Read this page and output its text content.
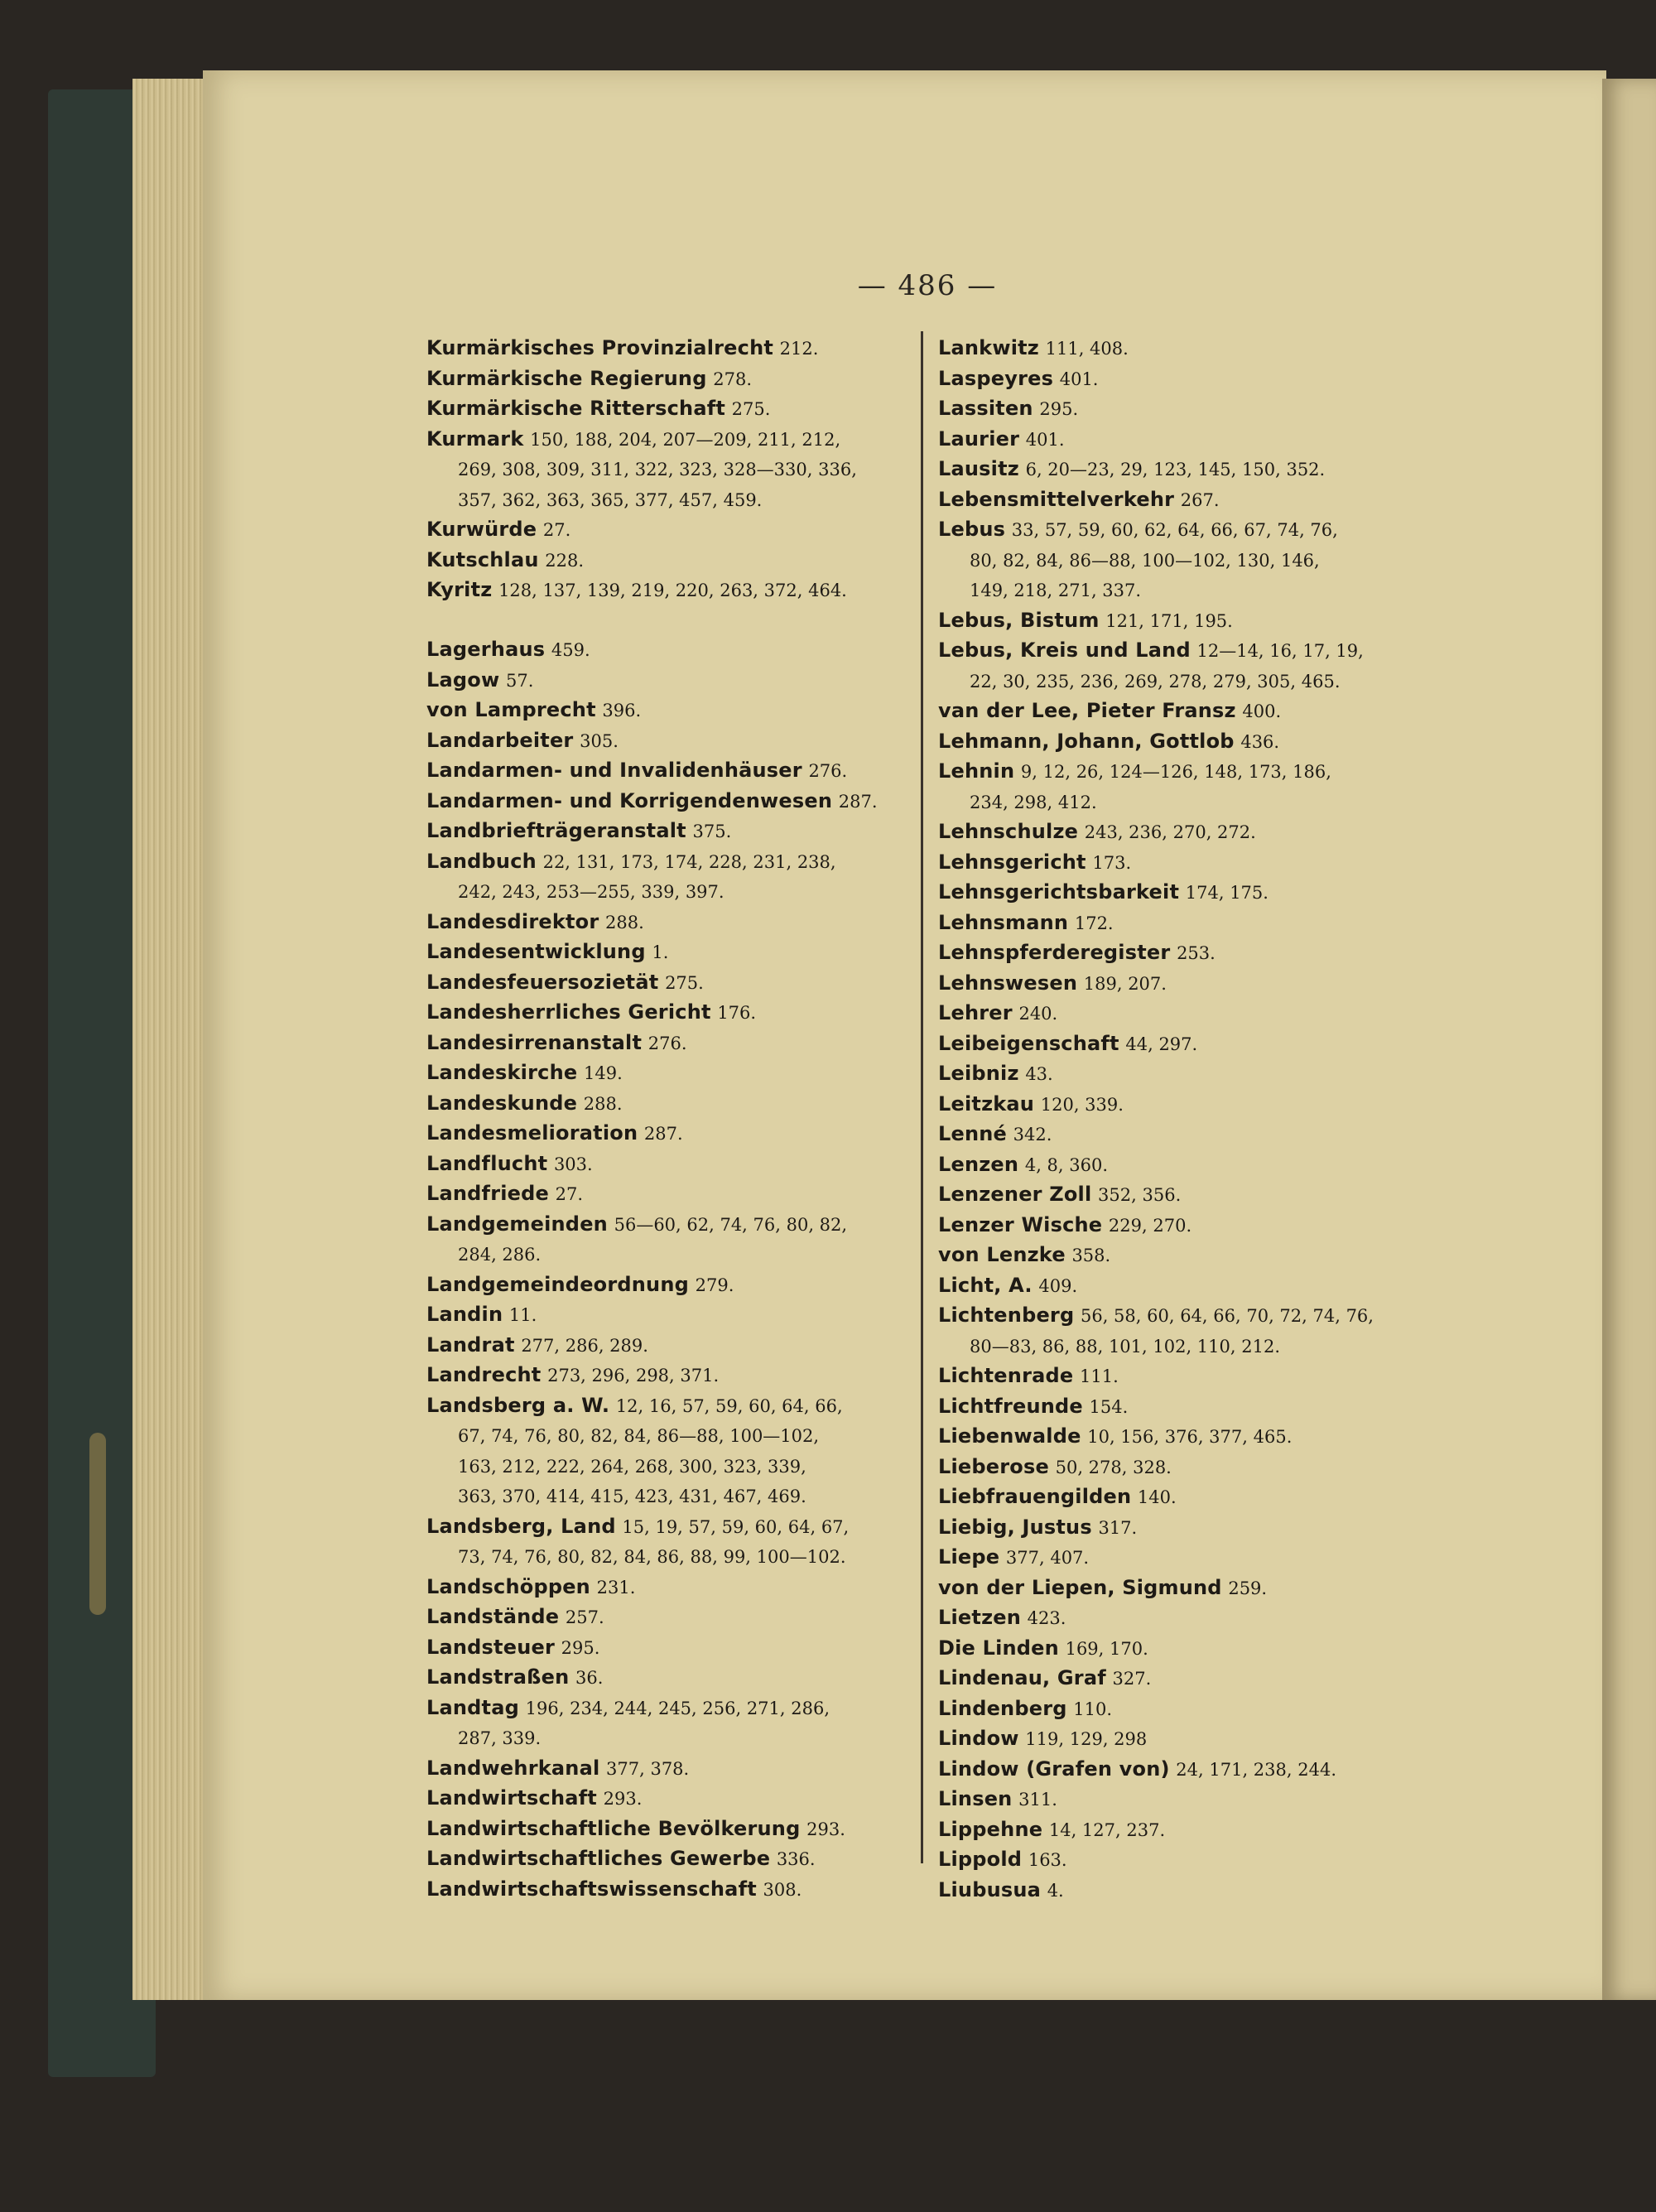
— 486 —
Kurmärkisches Provinzialrecht 212.
Kurmärkische Regierung 278.
Kurmärkische Ritterschaft 275.
Kurmark 150, 188, 204, 207—209, 211, 212,
269, 308, 309, 311, 322, 323, 328—330, 336,
357, 362, 363, 365, 377, 457, 459.
Kurwürde 27.
Kutschlau 228.
Kyritz 128, 137, 139, 219, 220, 263, 372, 464.
Lagerhaus 459.
Lagow 57.
von Lamprecht 396.
Landarbeiter 305.
Landarmen- und Invalidenhäuser 276.
Landarmen- und Korrigendenwesen 287.
Landbriefträgeranstalt 375.
Landbuch 22, 131, 173, 174, 228, 231, 238,
242, 243, 253—255, 339, 397.
Landesdirektor 288.
Landesentwicklung 1.
Landesfeuersozietät 275.
Landesherrliches Gericht 176.
Landesirrenanstalt 276.
Landeskirche 149.
Landeskunde 288.
Landesmelioration 287.
Landflucht 303.
Landfriede 27.
Landgemeinden 56—60, 62, 74, 76, 80, 82,
284, 286.
Landgemeindeordnung 279.
Landin 11.
Landrat 277, 286, 289.
Landrecht 273, 296, 298, 371.
Landsberg a. W. 12, 16, 57, 59, 60, 64, 66,
67, 74, 76, 80, 82, 84, 86—88, 100—102,
163, 212, 222, 264, 268, 300, 323, 339,
363, 370, 414, 415, 423, 431, 467, 469.
Landsberg, Land 15, 19, 57, 59, 60, 64, 67,
73, 74, 76, 80, 82, 84, 86, 88, 99, 100—102.
Landschöppen 231.
Landstände 257.
Landsteuer 295.
Landstraßen 36.
Landtag 196, 234, 244, 245, 256, 271, 286,
287, 339.
Landwehrkanal 377, 378.
Landwirtschaft 293.
Landwirtschaftliche Bevölkerung 293.
Landwirtschaftliches Gewerbe 336.
Landwirtschaftswissenschaft 308.
Lankwitz 111, 408.
Laspeyres 401.
Lassiten 295.
Laurier 401.
Lausitz 6, 20—23, 29, 123, 145, 150, 352.
Lebensmittelverkehr 267.
Lebus 33, 57, 59, 60, 62, 64, 66, 67, 74, 76,
80, 82, 84, 86—88, 100—102, 130, 146,
149, 218, 271, 337.
Lebus, Bistum 121, 171, 195.
Lebus, Kreis und Land 12—14, 16, 17, 19,
22, 30, 235, 236, 269, 278, 279, 305, 465.
van der Lee, Pieter Fransz 400.
Lehmann, Johann, Gottlob 436.
Lehnin 9, 12, 26, 124—126, 148, 173, 186,
234, 298, 412.
Lehnschulze 243, 236, 270, 272.
Lehnsgericht 173.
Lehnsgerichtsbarkeit 174, 175.
Lehnsmann 172.
Lehnspferderegister 253.
Lehnswesen 189, 207.
Lehrer 240.
Leibeigenschaft 44, 297.
Leibniz 43.
Leitzkau 120, 339.
Lenné 342.
Lenzen 4, 8, 360.
Lenzener Zoll 352, 356.
Lenzer Wische 229, 270.
von Lenzke 358.
Licht, A. 409.
Lichtenberg 56, 58, 60, 64, 66, 70, 72, 74, 76,
80—83, 86, 88, 101, 102, 110, 212.
Lichtenrade 111.
Lichtfreunde 154.
Liebenwalde 10, 156, 376, 377, 465.
Lieberose 50, 278, 328.
Liebfrauengilden 140.
Liebig, Justus 317.
Liepe 377, 407.
von der Liepen, Sigmund 259.
Lietzen 423.
Die Linden 169, 170.
Lindenau, Graf 327.
Lindenberg 110.
Lindow 119, 129, 298
Lindow (Grafen von) 24, 171, 238, 244.
Linsen 311.
Lippehne 14, 127, 237.
Lippold 163.
Liubusua 4.
